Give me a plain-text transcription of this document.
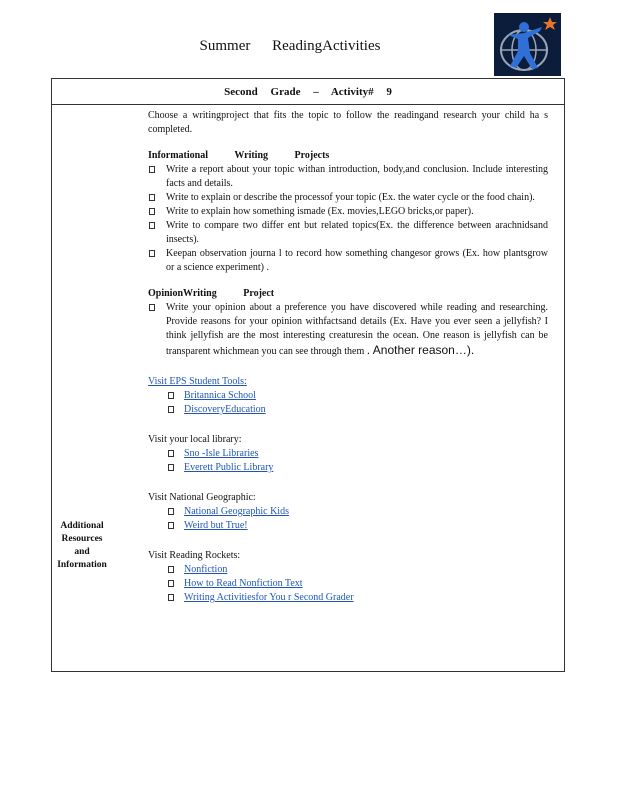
Summer ReadingActivities
Second Grade – Activity# 9
Additional Resources and Information

Choose a writingproject that fits the topic to follow the readingand research your child ha s completed.

Informational Writing Projects
Write a report about your topic withan introduction, body,and conclusion. Include interesting facts and details.
Write to explain or describe the processof your topic (Ex. the water cycle or the food chain).
Write to explain how something ismade (Ex. movies,LEGO bricks,or paper).
Write to compare two differ ent but related topics(Ex. the difference between arachnidsand insects).
Keepan observation journa l to record how something changesor grows (Ex. how plantsgrow or a science experiment) .
OpinionWriting Project
Write your opinion about a preference you have discovered while reading and researching. Provide reasons for your opinion withfactsand details (Ex. Have you ever seen a jellyfish? I think jellyfish are the most interesting creaturesin the ocean. One reason is jellyfish can be transparent whichmean you can see through them . Another reason…).

Visit EPS Student Tools:

Britannica School
DiscoveryEducation

Visit your local library:

Sno -Isle Libraries
Everett Public Library

Visit National Geographic:

National Geographic Kids
Weird but True!

Visit Reading Rockets:

Nonfiction
How to Read Nonfiction Text
Writing Activitiesfor You r Second Grader
